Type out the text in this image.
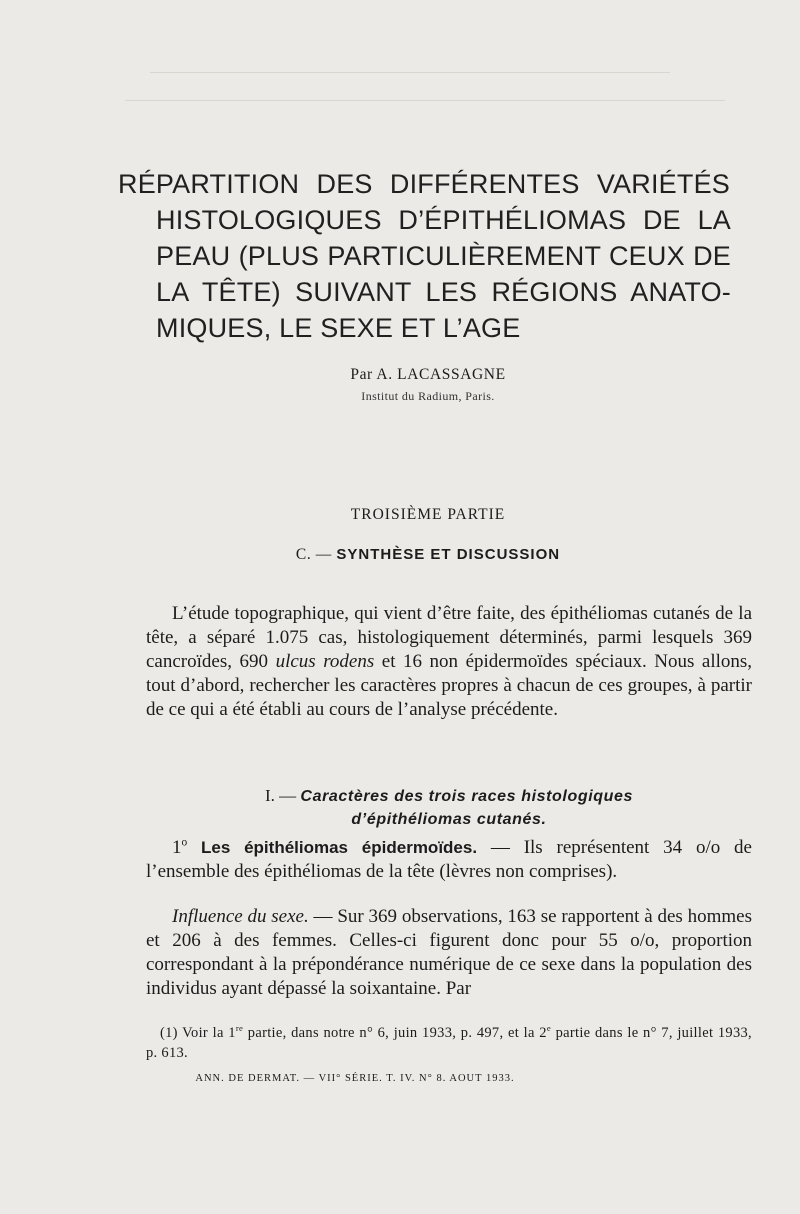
RÉPARTITION DES DIFFÉRENTES VARIÉTÉS
HISTOLOGIQUES D’ÉPITHÉLIOMAS DE LA
PEAU (PLUS PARTICULIÈREMENT CEUX DE
LA TÊTE) SUIVANT LES RÉGIONS ANATO-
MIQUES, LE SEXE ET L’AGE
Par A. LACASSAGNE
Institut du Radium, Paris.
TROISIÈME PARTIE
C. — SYNTHÈSE ET DISCUSSION
L’étude topographique, qui vient d’être faite, des épithéliomas cutanés de la tête, a séparé 1.075 cas, histologiquement déterminés, parmi lesquels 369 cancroïdes, 690 ulcus rodens et 16 non épidermoïdes spéciaux. Nous allons, tout d’abord, rechercher les caractères propres à chacun de ces groupes, à partir de ce qui a été établi au cours de l’analyse précédente.
I. — Caractères des trois races histologiques
d’épithéliomas cutanés.
1$^o$ Les épithéliomas épidermoïdes. — Ils représentent 34 o/o de l’ensemble des épithéliomas de la tête (lèvres non comprises).
Influence du sexe. — Sur 369 observations, 163 se rapportent à des hommes et 206 à des femmes. Celles-ci figurent donc pour 55 o/o, proportion correspondant à la prépondérance numérique de ce sexe dans la population des individus ayant dépassé la soixantaine. Par
(1) Voir la 1re partie, dans notre n° 6, juin 1933, p. 497, et la 2e partie dans le n° 7, juillet 1933, p. 613.
ANN. DE DERMAT. — VII° SÉRIE. T. IV. N° 8. AOUT 1933.
